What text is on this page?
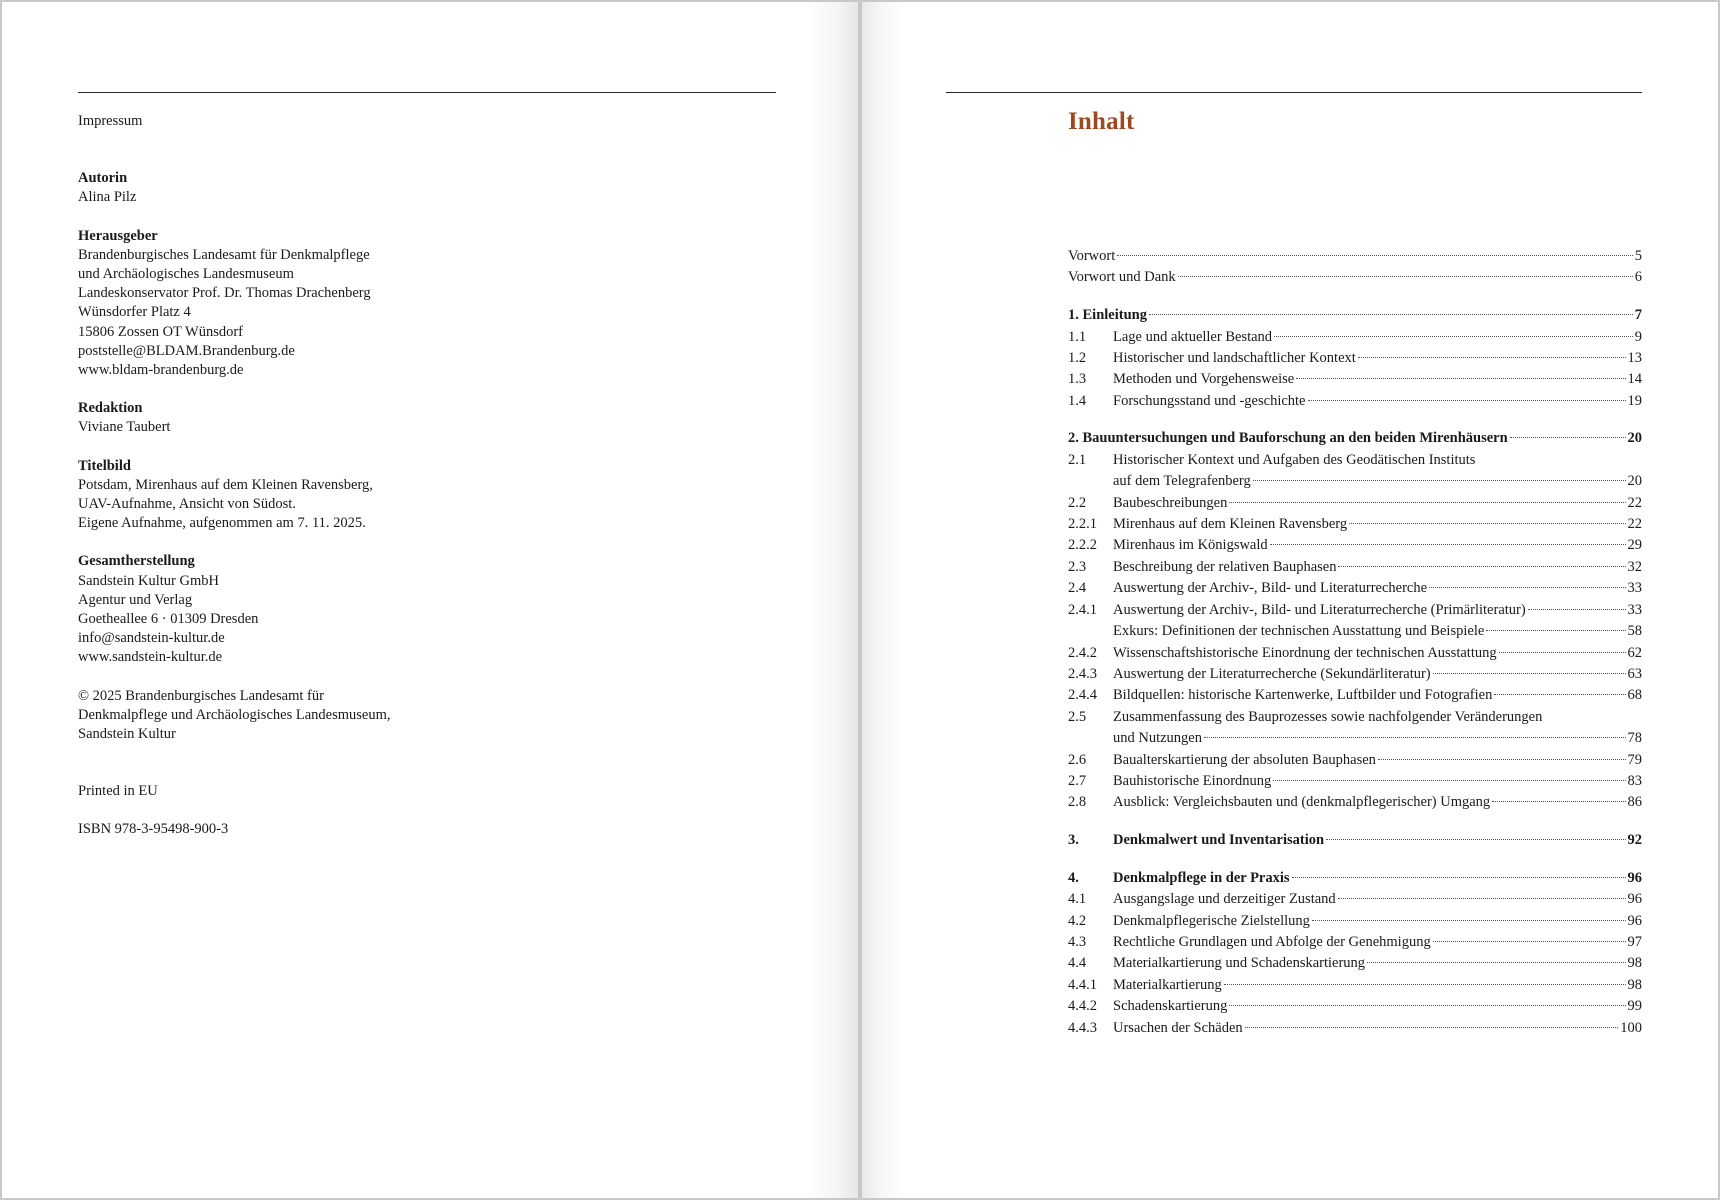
Impressum
Autorin
Alina Pilz
Herausgeber
Brandenburgisches Landesamt für Denkmalpflege
und Archäologisches Landesmuseum
Landeskonservator Prof. Dr. Thomas Drachenberg
Wünsdorfer Platz 4
15806 Zossen OT Wünsdorf
poststelle@BLDAM.Brandenburg.de
www.bldam-brandenburg.de
Redaktion
Viviane Taubert
Titelbild
Potsdam, Mirenhaus auf dem Kleinen Ravensberg,
UAV-Aufnahme, Ansicht von Südost.
Eigene Aufnahme, aufgenommen am 7. 11. 2025.
Gesamtherstellung
Sandstein Kultur GmbH
Agentur und Verlag
Goetheallee 6 · 01309 Dresden
info@sandstein-kultur.de
www.sandstein-kultur.de
© 2025 Brandenburgisches Landesamt für
Denkmalpflege und Archäologisches Landesmuseum,
Sandstein Kultur
Printed in EU
ISBN 978-3-95498-900-3
Inhalt
Vorwort	5
Vorwort und Dank	6
1. Einleitung	7
1.1	Lage und aktueller Bestand	9
1.2	Historischer und landschaftlicher Kontext	13
1.3	Methoden und Vorgehensweise	14
1.4	Forschungsstand und -geschichte	19
2. Bauuntersuchungen und Bauforschung an den beiden Mirenhäusern	20
2.1	Historischer Kontext und Aufgaben des Geodätischen Instituts
auf dem Telegrafenberg	20
2.2	Baubeschreibungen	22
2.2.1	Mirenhaus auf dem Kleinen Ravensberg	22
2.2.2	Mirenhaus im Königswald	29
2.3	Beschreibung der relativen Bauphasen	32
2.4	Auswertung der Archiv-, Bild- und Literaturrecherche	33
2.4.1	Auswertung der Archiv-, Bild- und Literaturrecherche (Primärliteratur)	33
Exkurs: Definitionen der technischen Ausstattung und Beispiele	58
2.4.2	Wissenschaftshistorische Einordnung der technischen Ausstattung	62
2.4.3	Auswertung der Literaturrecherche (Sekundärliteratur)	63
2.4.4	Bildquellen: historische Kartenwerke, Luftbilder und Fotografien	68
2.5	Zusammenfassung des Bauprozesses sowie nachfolgender Veränderungen
und Nutzungen	78
2.6	Baualterskartierung der absoluten Bauphasen	79
2.7	Bauhistorische Einordnung	83
2.8	Ausblick: Vergleichsbauten und (denkmalpflegerischer) Umgang	86
3.	Denkmalwert und Inventarisation	92
4.	Denkmalpflege in der Praxis	96
4.1	Ausgangslage und derzeitiger Zustand	96
4.2	Denkmalpflegerische Zielstellung	96
4.3	Rechtliche Grundlagen und Abfolge der Genehmigung	97
4.4	Materialkartierung und Schadenskartierung	98
4.4.1	Materialkartierung	98
4.4.2	Schadenskartierung	99
4.4.3	Ursachen der Schäden	100
